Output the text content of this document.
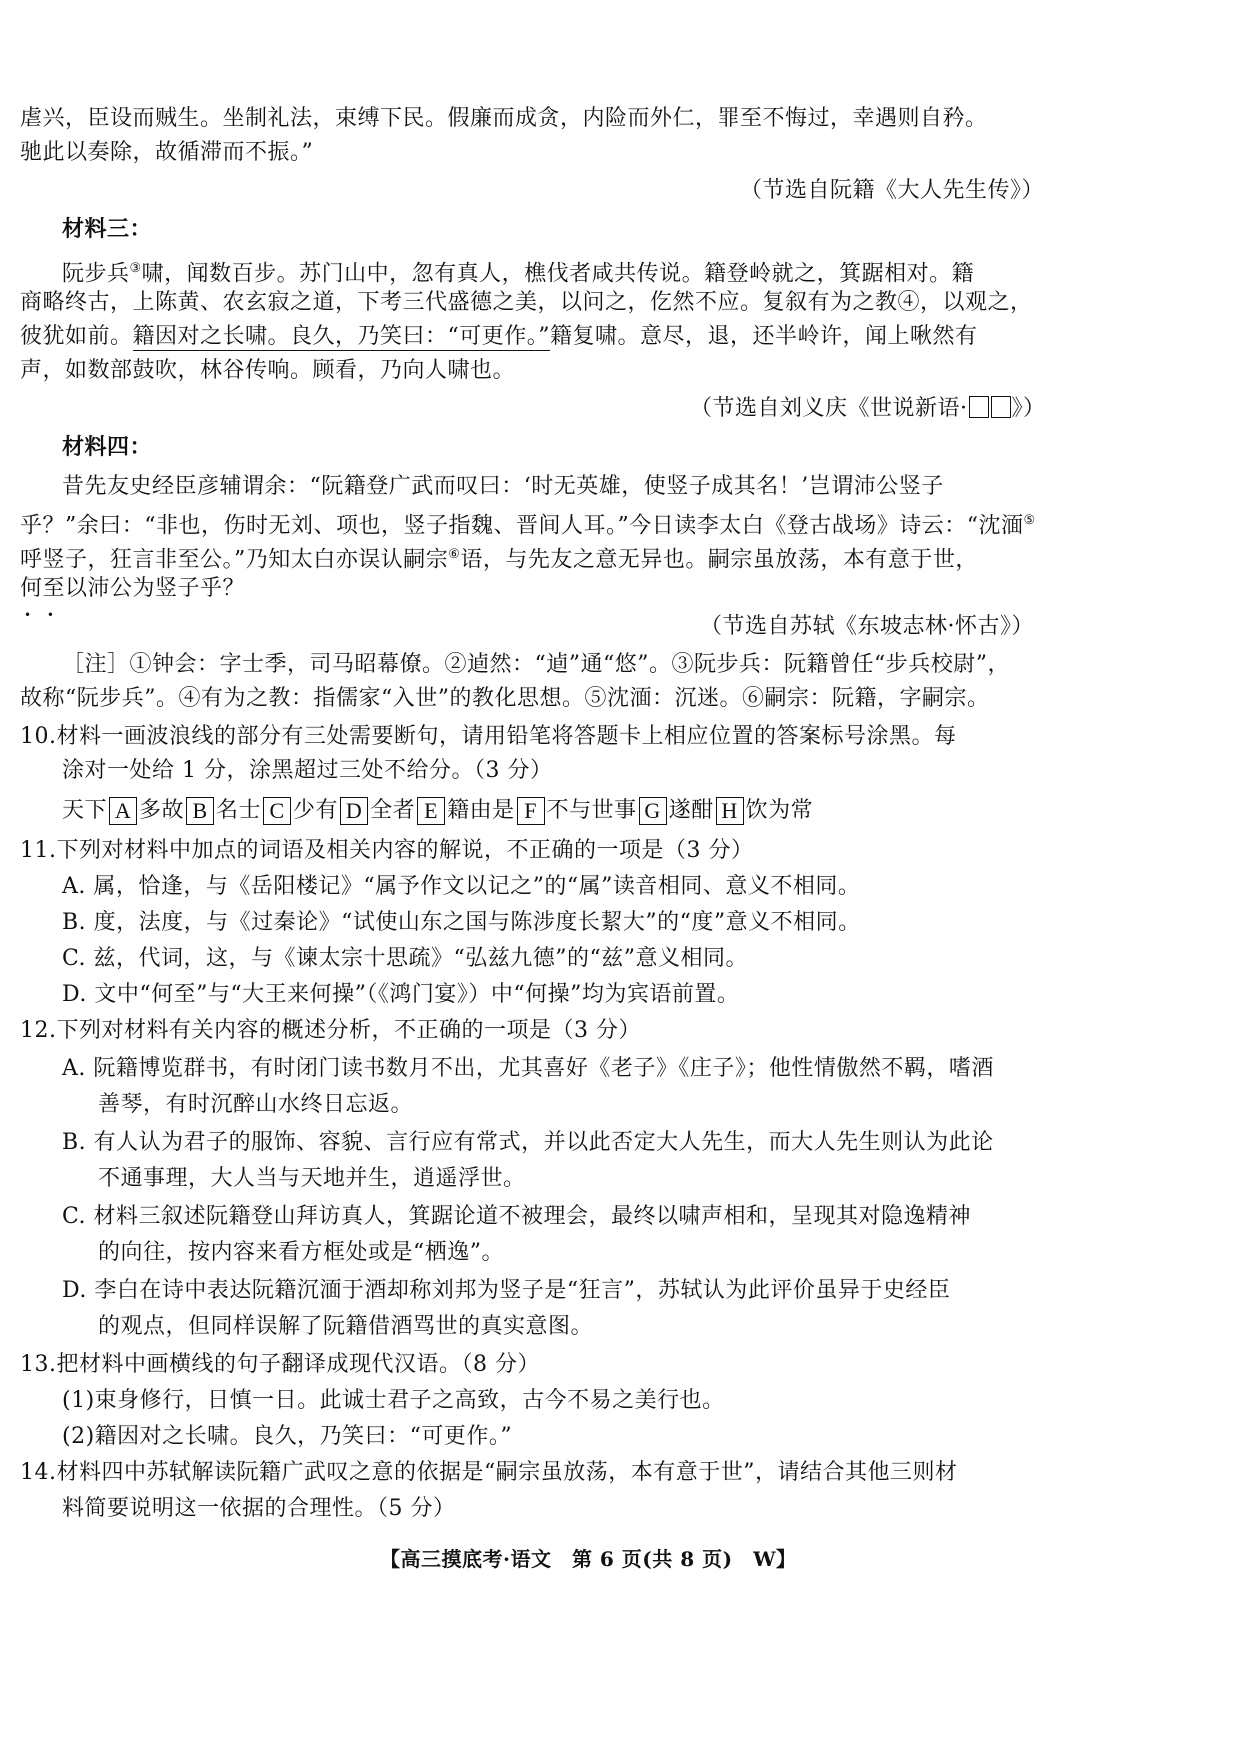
虐兴，臣设而贼生。坐制礼法，束缚下民。假廉而成贪，内险而外仁，罪至不悔过，幸遇则自矜。
驰此以奏除，故循滞而不振。”
（节选自阮籍《大人先生传》）
材料三：
阮步兵③啸，闻数百步。苏门山中，忽有真人，樵伐者咸共传说。籍登岭就之，箕踞相对。籍
商略终古，上陈黄、农玄寂之道，下考三代盛德之美，以问之，仡然不应。复叙有为之教④，以观之，
彼犹如前。籍因对之长啸。良久，乃笑曰：“可更作。”籍复啸。意尽，退，还半岭许，闻上啾然有
声，如数部鼓吹，林谷传响。顾看，乃向人啸也。
（节选自刘义庆《世说新语· 》）
材料四：
昔先友史经臣彦辅谓余：“阮籍登广武而叹曰：‘时无英雄，使竖子成其名！’岂谓沛公竖子
乎？”余曰：“非也，伤时无刘、项也，竖子指魏、晋间人耳。”今日读李太白《登古战场》诗云：“沈湎⑤
呼竖子，狂言非至公。”乃知太白亦误认嗣宗⑥语，与先友之意无异也。嗣宗虽放荡，本有意于世，
何至以沛公为竖子乎？ • •
（节选自苏轼《东坡志林·怀古》）
［注］①钟会：字士季，司马昭幕僚。②逌然：“逌”通“悠”。③阮步兵：阮籍曾任“步兵校尉”，
故称“阮步兵”。④有为之教：指儒家“入世”的教化思想。⑤沈湎：沉迷。⑥嗣宗：阮籍，字嗣宗。
10.材料一画波浪线的部分有三处需要断句，请用铅笔将答题卡上相应位置的答案标号涂黑。每
涂对一处给 1 分，涂黑超过三处不给分。（3 分）
天下 A 多故 B 名士 C 少有 D 全者 E 籍由是 F 不与世事 G 遂酣 H 饮为常
11.下列对材料中加点的词语及相关内容的解说，不正确的一项是（3 分）
A. 属，恰逢，与《岳阳楼记》“属予作文以记之”的“属”读音相同、意义不相同。
B. 度，法度，与《过秦论》“试使山东之国与陈涉度长絜大”的“度”意义不相同。
C. 兹，代词，这，与《谏太宗十思疏》“弘兹九德”的“兹”意义相同。
D. 文中“何至”与“大王来何操”（《鸿门宴》）中“何操”均为宾语前置。
12.下列对材料有关内容的概述分析，不正确的一项是（3 分）
A. 阮籍博览群书，有时闭门读书数月不出，尤其喜好《老子》《庄子》；他性情傲然不羁，嗜酒
善琴，有时沉醉山水终日忘返。
B. 有人认为君子的服饰、容貌、言行应有常式，并以此否定大人先生，而大人先生则认为此论
不通事理，大人当与天地并生，逍遥浮世。
C. 材料三叙述阮籍登山拜访真人，箕踞论道不被理会，最终以啸声相和，呈现其对隐逸精神
的向往，按内容来看方框处或是“栖逸”。
D. 李白在诗中表达阮籍沉湎于酒却称刘邦为竖子是“狂言”，苏轼认为此评价虽异于史经臣
的观点，但同样误解了阮籍借酒骂世的真实意图。
13.把材料中画横线的句子翻译成现代汉语。（8 分）
(1)束身修行，日慎一日。此诚士君子之高致，古今不易之美行也。
(2)籍因对之长啸。良久，乃笑曰：“可更作。”
14.材料四中苏轼解读阮籍广武叹之意的依据是“嗣宗虽放荡，本有意于世”，请结合其他三则材
料简要说明这一依据的合理性。（5 分）
【高三摸底考·语文　第 6 页(共 8 页)　W】
